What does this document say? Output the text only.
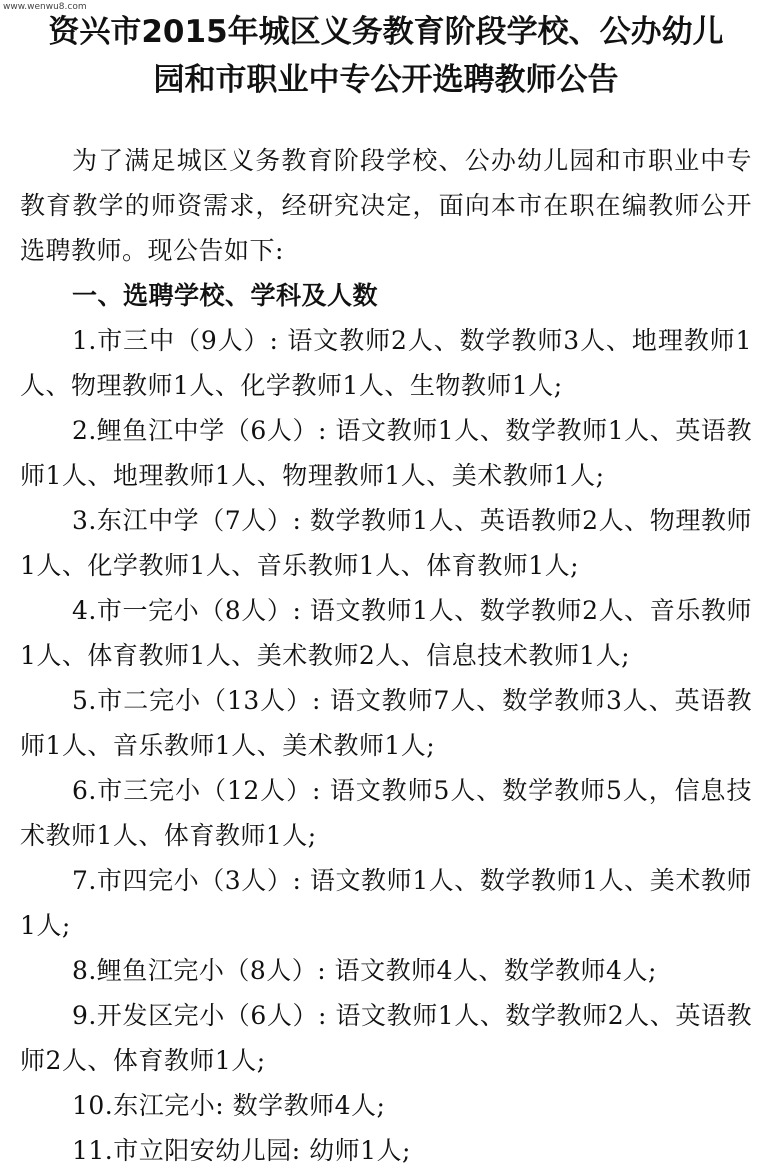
www.wenwu8.com
资兴市2015年城区义务教育阶段学校、公办幼儿
园和市职业中专公开选聘教师公告

为了满足城区义务教育阶段学校、公办幼儿园和市职业中专教育教学的师资需求，经研究决定，面向本市在职在编教师公开选聘教师。现公告如下:

一、选聘学校、学科及人数

1.市三中（9人）: 语文教师2人、数学教师3人、地理教师1人、物理教师1人、化学教师1人、生物教师1人;

2.鲤鱼江中学（6人）: 语文教师1人、数学教师1人、英语教师1人、地理教师1人、物理教师1人、美术教师1人;

3.东江中学（7人）: 数学教师1人、英语教师2人、物理教师1人、化学教师1人、音乐教师1人、体育教师1人;

4.市一完小（8人）: 语文教师1人、数学教师2人、音乐教师1人、体育教师1人、美术教师2人、信息技术教师1人;

5.市二完小（13人）: 语文教师7人、数学教师3人、英语教师1人、音乐教师1人、美术教师1人;

6.市三完小（12人）: 语文教师5人、数学教师5人，信息技术教师1人、体育教师1人;

7.市四完小（3人）: 语文教师1人、数学教师1人、美术教师1人;

8.鲤鱼江完小（8人）: 语文教师4人、数学教师4人;

9.开发区完小（6人）: 语文教师1人、数学教师2人、英语教师2人、体育教师1人;

10.东江完小: 数学教师4人;

11.市立阳安幼儿园: 幼师1人;
